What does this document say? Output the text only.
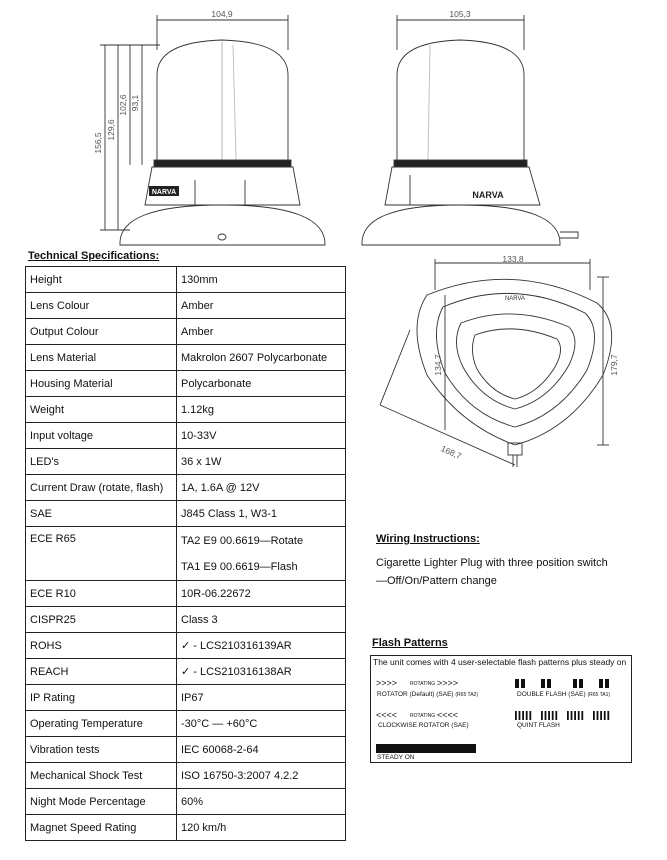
NARVA
104,9
156,5
129,6
102,6 93,1
NARVA
105,3
133,8
134,7	179,7
168,7
NARVA
Technical Specifications:
Height	130mm
Lens Colour	Amber
Output Colour	Amber
Lens Material	Makrolon 2607 Polycarbonate
Housing Material	Polycarbonate
Weight	1.12kg
Input voltage	10-33V
LED's	36 x 1W
Current Draw (rotate, flash)	1A, 1.6A @ 12V
SAE	J845 Class 1, W3-1
ECE R65	TA2 E9 00.6619—Rotate
TA1 E9 00.6619—Flash

ECE R10	10R-06.22672
CISPR25	Class 3
ROHS	✓ - LCS210316139AR
REACH	✓ - LCS210316138AR
IP Rating	IP67
Operating Temperature	-30°C — +60°C
Vibration tests	IEC 60068-2-64
Mechanical Shock Test	ISO 16750-3:2007 4.2.2
Night Mode Percentage	60%
Magnet Speed Rating	120 km/h
Wiring Instructions:
Cigarette Lighter Plug with three position switch—Off/On/Pattern change
Flash Patterns
The unit comes with 4 user-selectable flash patterns plus steady on
>>>>	ROTATING >>>>
ROTATOR (Default) (SAE) (R65 TA2)	DOUBLE FLASH (SAE) (R65 TA1)
<<<<	ROTATING <<<<
CLOCKWISE ROTATOR (SAE)	QUINT FLASH
STEADY ON
